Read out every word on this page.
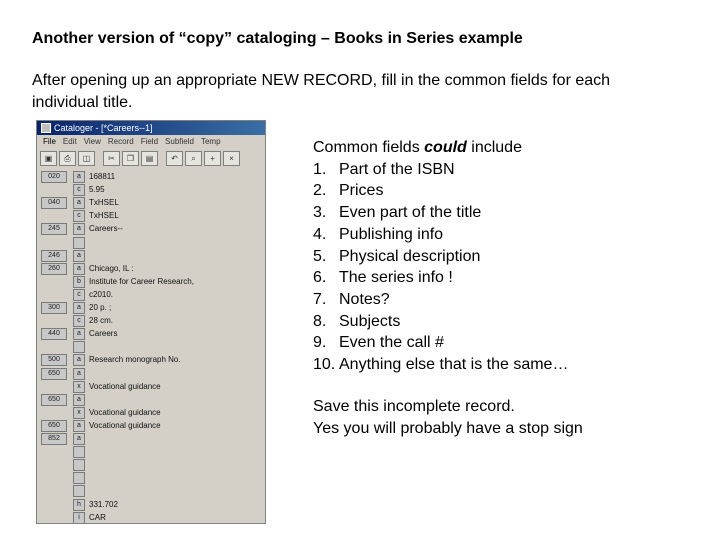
Another version of “copy” cataloging – Books in Series example
After opening up an appropriate NEW RECORD, fill in the common fields for each individual title.
Cataloger - [*Careers--1]
File Edit View Record Field Subfield Temp
▣	⎙	◫	✂	❐	▤	↶	⌕	+	×
020	a	168811
c	5.95
040	a	TxHSEL
c	TxHSEL
245	a	Careers--
246	a
260	a	Chicago, IL :
b	Institute for Career Research,
c	c2010.
300	a	20 p. ;
c	28 cm.
440	a	Careers
500	a	Research monograph No.
650	a
x	Vocational guidance
650	a
x	Vocational guidance
650	a	Vocational guidance
852	a
h	331.702
i	CAR
Common fields could include
1. Part of the ISBN
2. Prices
3. Even part of the title
4. Publishing info
5. Physical description
6. The series info !
7. Notes?
8. Subjects
9. Even the call #
10. Anything else that is the same…
Save this incomplete record.
Yes you will probably have a stop sign
